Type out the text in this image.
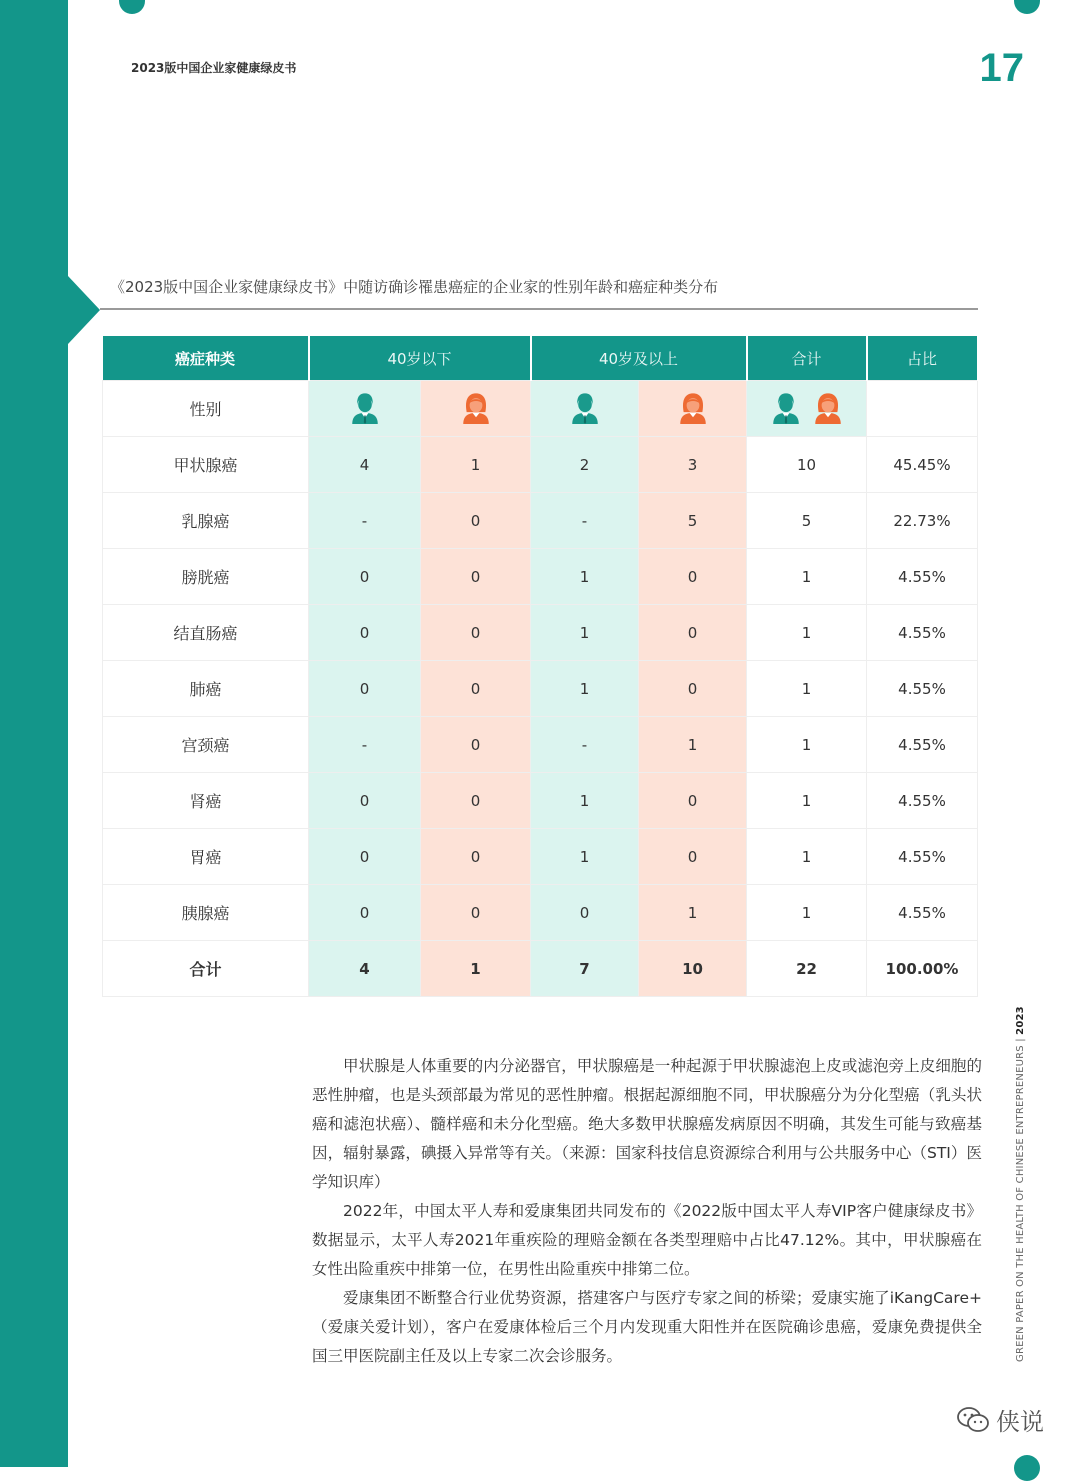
2023版中国企业家健康绿皮书	17
《2023版中国企业家健康绿皮书》中随访确诊罹患癌症的企业家的性别年龄和癌症种类分布
癌症种类	40岁以下		40岁及以上		合计	占比
性别					

甲状腺癌	4	1	2	3	10	45.45%
乳腺癌	-	0	-	5	5	22.73%
膀胱癌	0	0	1	0	1	4.55%
结直肠癌	0	0	1	0	1	4.55%
肺癌	0	0	1	0	1	4.55%
宫颈癌	-	0	-	1	1	4.55%
肾癌	0	0	1	0	1	4.55%
胃癌	0	0	1	0	1	4.55%
胰腺癌	0	0	0	1	1	4.55%
合计	4	1	7	10	22	100.00%

甲状腺是人体重要的内分泌器官，甲状腺癌是一种起源于甲状腺滤泡上皮或滤泡旁上皮细胞的恶性肿瘤，也是头颈部最为常见的恶性肿瘤。根据起源细胞不同，甲状腺癌分为分化型癌（乳头状癌和滤泡状癌）、髓样癌和未分化型癌。绝大多数甲状腺癌发病原因不明确，其发生可能与致癌基因，辐射暴露，碘摄入异常等有关。（来源：国家科技信息资源综合利用与公共服务中心（STI）医学知识库）

2022年，中国太平人寿和爱康集团共同发布的《2022版中国太平人寿VIP客户健康绿皮书》数据显示，太平人寿2021年重疾险的理赔金额在各类型理赔中占比47.12%。其中，甲状腺癌在女性出险重疾中排第一位，在男性出险重疾中排第二位。

爱康集团不断整合行业优势资源，搭建客户与医疗专家之间的桥梁；爱康实施了iKangCare+（爱康关爱计划），客户在爱康体检后三个月内发现重大阳性并在医院确诊患癌，爱康免费提供全国三甲医院副主任及以上专家二次会诊服务。	GREEN PAPER ON THE HEALTH OF CHINESE ENTREPRENEURS | 2023
侠说
